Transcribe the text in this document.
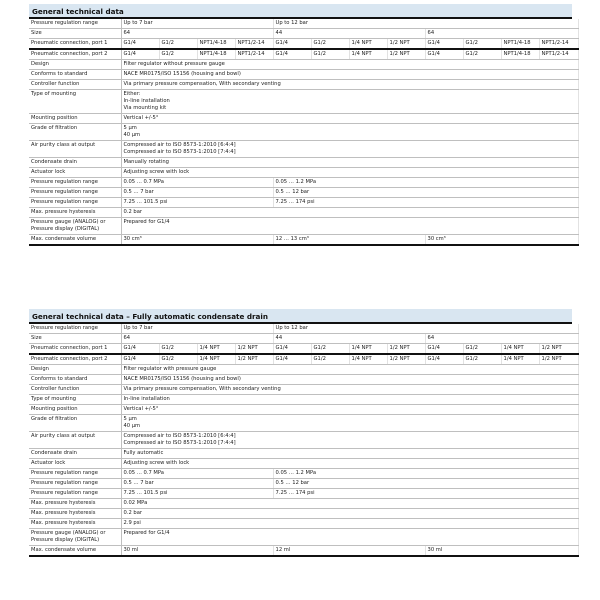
General technical data
Pressure regulation range	Up to 7 bar				Up to 12 bar							
Size	64				44				64			
Pneumatic connection, port 1	G1/4	G1/2	NPT1/4-18	NPT1/2-14	G1/4	G1/2	1/4 NPT	1/2 NPT	G1/4	G1/2	NPT1/4-18	NPT1/2-14
Pneumatic connection, port 2	G1/4	G1/2	NPT1/4-18	NPT1/2-14	G1/4	G1/2	1/4 NPT	1/2 NPT	G1/4	G1/2	NPT1/4-18	NPT1/2-14
Design	Filter regulator without pressure gauge											
Conforms to standard	NACE MR0175/ISO 15156 (housing and bowl)											
Controller function	Via primary pressure compensation, With secondary venting											
Type of mounting	Either:
In-line installation
Via mounting kit											

Mounting position	Vertical +/-5°											
Grade of filtration	5 µm
40 µm											

Air purity class at output	Compressed air to ISO 8573-1:2010 [6:4:4]
Compressed air to ISO 8573-1:2010 [7:4:4]											

Condensate drain	Manually rotating											
Actuator lock	Adjusting screw with lock											
Pressure regulation range	0.05 … 0.7 MPa				0.05 … 1.2 MPa							
Pressure regulation range	0.5 … 7 bar				0.5 … 12 bar							
Pressure regulation range	7.25 … 101.5 psi				7.25 … 174 psi							
Max. pressure hysteresis	0.2 bar											

Pressure gauge (ANALOG) or
Pressure display (DIGITAL)	Prepared for G1/4											
Max. condensate volume	30 cm³				12 … 13 cm³				30 cm³			
General technical data – Fully automatic condensate drain
Pressure regulation range	Up to 7 bar				Up to 12 bar							
Size	64				44				64			
Pneumatic connection, port 1	G1/4	G1/2	1/4 NPT	1/2 NPT	G1/4	G1/2	1/4 NPT	1/2 NPT	G1/4	G1/2	1/4 NPT	1/2 NPT
Pneumatic connection, port 2	G1/4	G1/2	1/4 NPT	1/2 NPT	G1/4	G1/2	1/4 NPT	1/2 NPT	G1/4	G1/2	1/4 NPT	1/2 NPT
Design	Filter regulator with pressure gauge											
Conforms to standard	NACE MR0175/ISO 15156 (housing and bowl)											
Controller function	Via primary pressure compensation, With secondary venting											
Type of mounting	In-line installation											
Mounting position	Vertical +/-5°											
Grade of filtration	5 µm
40 µm											

Air purity class at output	Compressed air to ISO 8573-1:2010 [6:4:4]
Compressed air to ISO 8573-1:2010 [7:4:4]											

Condensate drain	Fully automatic											
Actuator lock	Adjusting screw with lock											
Pressure regulation range	0.05 … 0.7 MPa				0.05 … 1.2 MPa							
Pressure regulation range	0.5 … 7 bar				0.5 … 12 bar							
Pressure regulation range	7.25 … 101.5 psi				7.25 … 174 psi							
Max. pressure hysteresis	0.02 MPa											
Max. pressure hysteresis	0.2 bar											
Max. pressure hysteresis	2.9 psi											

Pressure gauge (ANALOG) or
Pressure display (DIGITAL)	Prepared for G1/4											
Max. condensate volume	30 ml				12 ml				30 ml			
